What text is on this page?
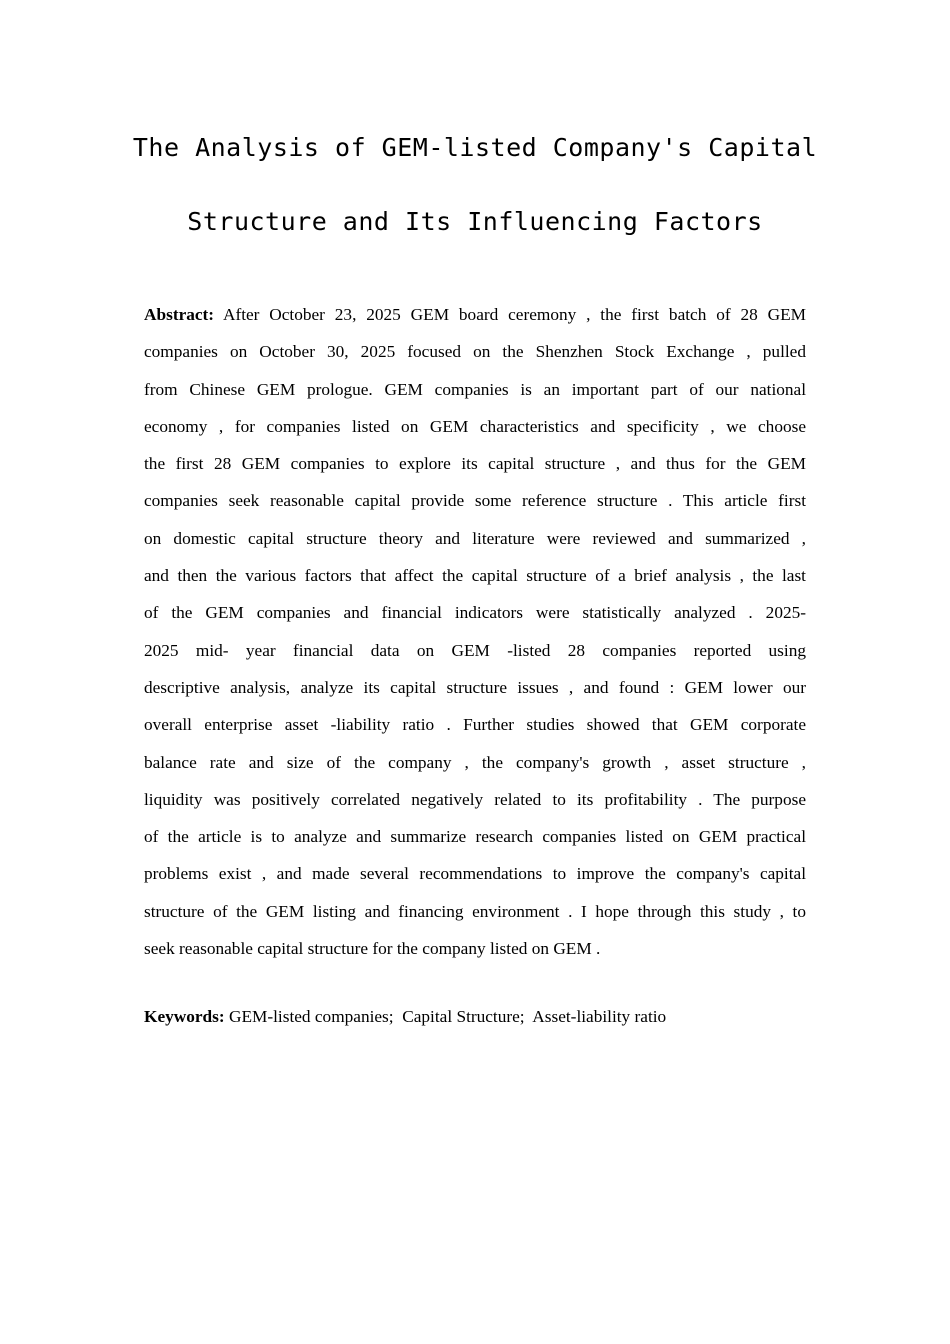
The Analysis of GEM-listed Company's Capital
Structure and Its Influencing Factors
Abstract: After October 23, 2025 GEM board ceremony , the first batch of 28 GEM
companies on October 30, 2025 focused on the Shenzhen Stock Exchange , pulled
from Chinese GEM prologue. GEM companies is an important part of our national
economy , for companies listed on GEM characteristics and specificity , we choose
the first 28 GEM companies to explore its capital structure , and thus for the GEM
companies seek reasonable capital provide some reference structure . This article first
on domestic capital structure theory and literature were reviewed and summarized ,
and then the various factors that affect the capital structure of a brief analysis , the last
of the GEM companies and financial indicators were statistically analyzed . 2025-
2025 mid- year financial data on GEM -listed 28 companies reported using
descriptive analysis, analyze its capital structure issues , and found : GEM lower our
overall enterprise asset -liability ratio . Further studies showed that GEM corporate
balance rate and size of the company , the company's growth , asset structure ,
liquidity was positively correlated negatively related to its profitability . The purpose
of the article is to analyze and summarize research companies listed on GEM practical
problems exist , and made several recommendations to improve the company's capital
structure of the GEM listing and financing environment . I hope through this study , to
seek reasonable capital structure for the company listed on GEM .
Keywords: GEM-listed companies;  Capital Structure;  Asset-liability ratio
